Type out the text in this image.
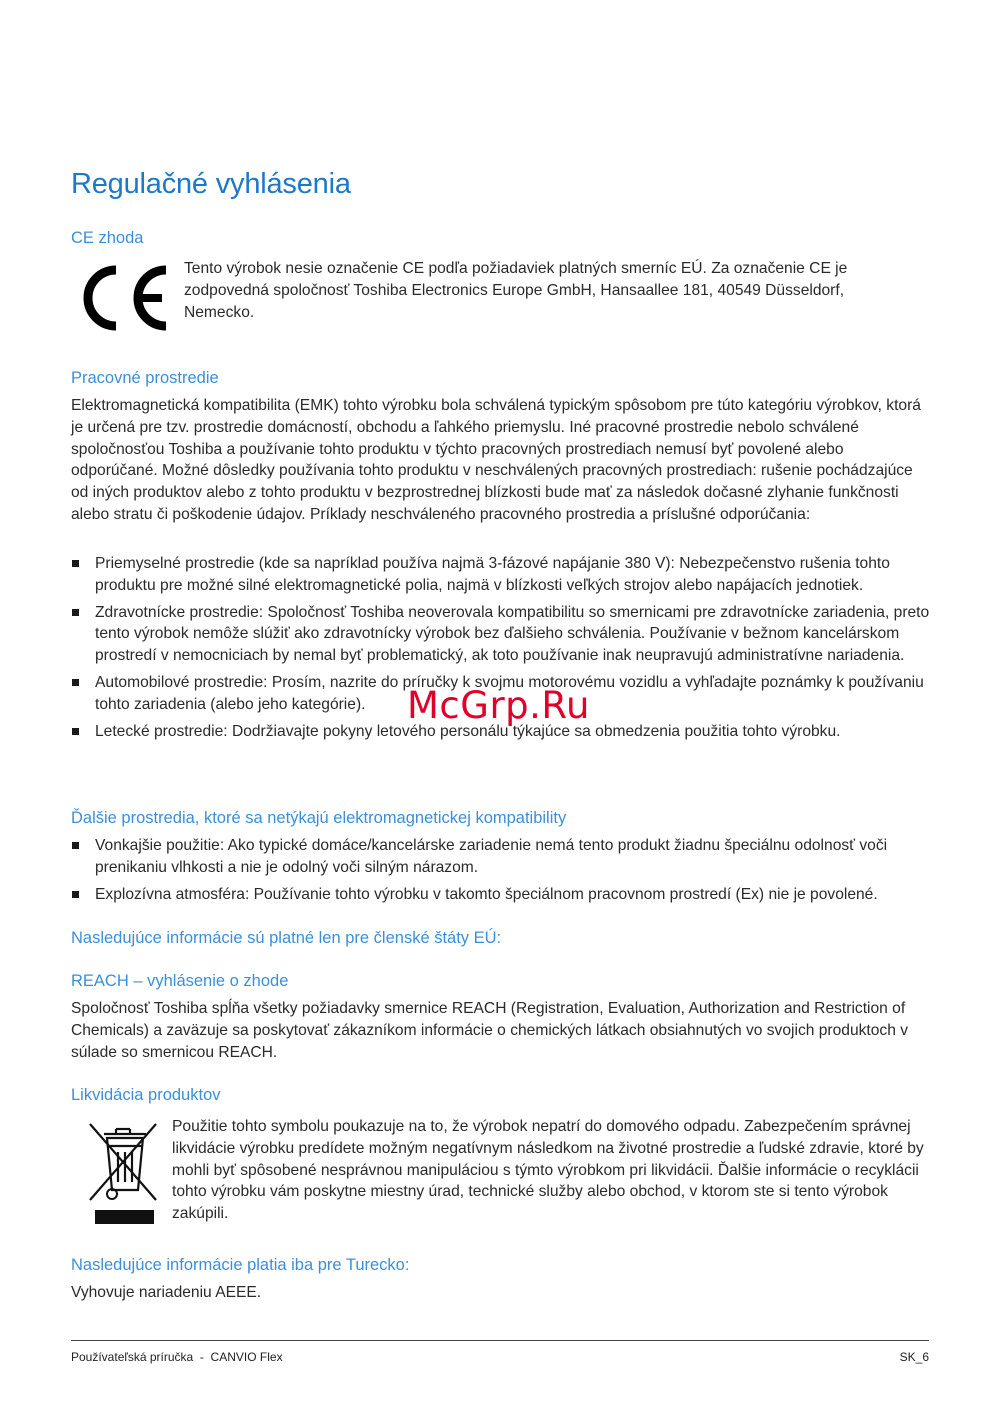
Regulačné vyhlásenia
CE zhoda

Tento výrobok nesie označenie CE podľa požiadaviek platných smerníc EÚ. Za označenie CE je zodpovedná spoločnosť Toshiba Electronics Europe GmbH, Hansaallee 181, 40549 Düsseldorf, Nemecko.

Pracovné prostredie

Elektromagnetická kompatibilita (EMK) tohto výrobku bola schválená typickým spôsobom pre túto kategóriu výrobkov, ktorá je určená pre tzv. prostredie domácností, obchodu a ľahkého priemyslu. Iné pracovné prostredie nebolo schválené spoločnosťou Toshiba a používanie tohto produktu v týchto pracovných prostrediach nemusí byť povolené alebo odporúčané. Možné dôsledky používania tohto produktu v neschválených pracovných prostrediach: rušenie pochádzajúce od iných produktov alebo z tohto produktu v bezprostrednej blízkosti bude mať za následok dočasné zlyhanie funkčnosti alebo stratu či poškodenie údajov. Príklady neschváleného pracovného prostredia a príslušné odporúčania:

Priemyselné prostredie (kde sa napríklad používa najmä 3-fázové napájanie 380 V): Nebezpečenstvo rušenia tohto produktu pre možné silné elektromagnetické polia, najmä v blízkosti veľkých strojov alebo napájacích jednotiek.
Zdravotnícke prostredie: Spoločnosť Toshiba neoverovala kompatibilitu so smernicami pre zdravotnícke zariadenia, preto tento výrobok nemôže slúžiť ako zdravotnícky výrobok bez ďalšieho schválenia. Používanie v bežnom kancelárskom prostredí v nemocniciach by nemal byť problematický, ak toto používanie inak neupravujú administratívne nariadenia.
Automobilové prostredie: Prosím, nazrite do príručky k svojmu motorovému vozidlu a vyhľadajte poznámky k používaniu tohto zariadenia (alebo jeho kategórie).
Letecké prostredie: Dodržiavajte pokyny letového personálu týkajúce sa obmedzenia použitia tohto výrobku.
Ďalšie prostredia, ktoré sa netýkajú elektromagnetickej kompatibility
Vonkajšie použitie: Ako typické domáce/kancelárske zariadenie nemá tento produkt žiadnu špeciálnu odolnosť voči prenikaniu vlhkosti a nie je odolný voči silným nárazom.
Explozívna atmosféra: Používanie tohto výrobku v takomto špeciálnom pracovnom prostredí (Ex) nie je povolené.
Nasledujúce informácie sú platné len pre členské štáty EÚ:
REACH – vyhlásenie o zhode

Spoločnosť Toshiba spĺňa všetky požiadavky smernice REACH (Registration, Evaluation, Authorization and Restriction of Chemicals) a zaväzuje sa poskytovať zákazníkom informácie o chemických látkach obsiahnutých vo svojich produktoch v súlade so smernicou REACH.

Likvidácia produktov

Použitie tohto symbolu poukazuje na to, že výrobok nepatrí do domového odpadu. Zabezpečením správnej likvidácie výrobku predídete možným negatívnym následkom na životné prostredie a ľudské zdravie, ktoré by mohli byť spôsobené nesprávnou manipuláciou s týmto výrobkom pri likvidácii. Ďalšie informácie o recyklácii tohto výrobku vám poskytne miestny úrad, technické služby alebo obchod, v ktorom ste si tento výrobok zakúpili.

Nasledujúce informácie platia iba pre Turecko:

Vyhovuje nariadeniu AEEE.

McGrp.Ru
Používateľská príručka  -  CANVIO Flex	SK_6
